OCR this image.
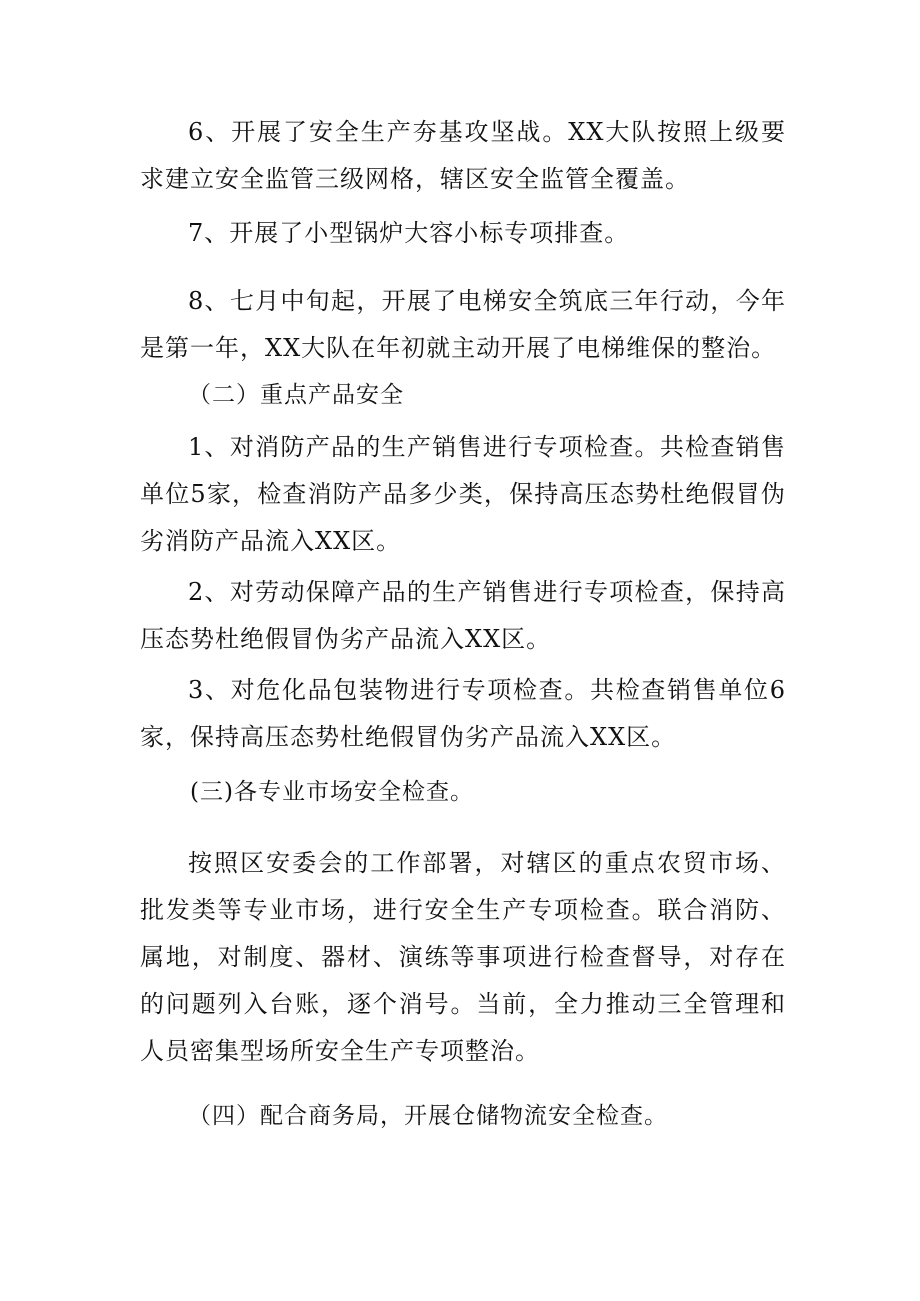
6、开展了安全生产夯基攻坚战。XX大队按照上级要求建立安全监管三级网格，辖区安全监管全覆盖。

7、开展了小型锅炉大容小标专项排查。

8、七月中旬起，开展了电梯安全筑底三年行动，今年是第一年，XX大队在年初就主动开展了电梯维保的整治。

（二）重点产品安全

1、对消防产品的生产销售进行专项检查。共检查销售单位5家，检查消防产品多少类，保持高压态势杜绝假冒伪劣消防产品流入XX区。

2、对劳动保障产品的生产销售进行专项检查，保持高压态势杜绝假冒伪劣产品流入XX区。

3、对危化品包装物进行专项检查。共检查销售单位6家，保持高压态势杜绝假冒伪劣产品流入XX区。

(三)各专业市场安全检查。

按照区安委会的工作部署，对辖区的重点农贸市场、批发类等专业市场，进行安全生产专项检查。联合消防、属地，对制度、器材、演练等事项进行检查督导，对存在的问题列入台账，逐个消号。当前，全力推动三全管理和人员密集型场所安全生产专项整治。

（四）配合商务局，开展仓储物流安全检查。
